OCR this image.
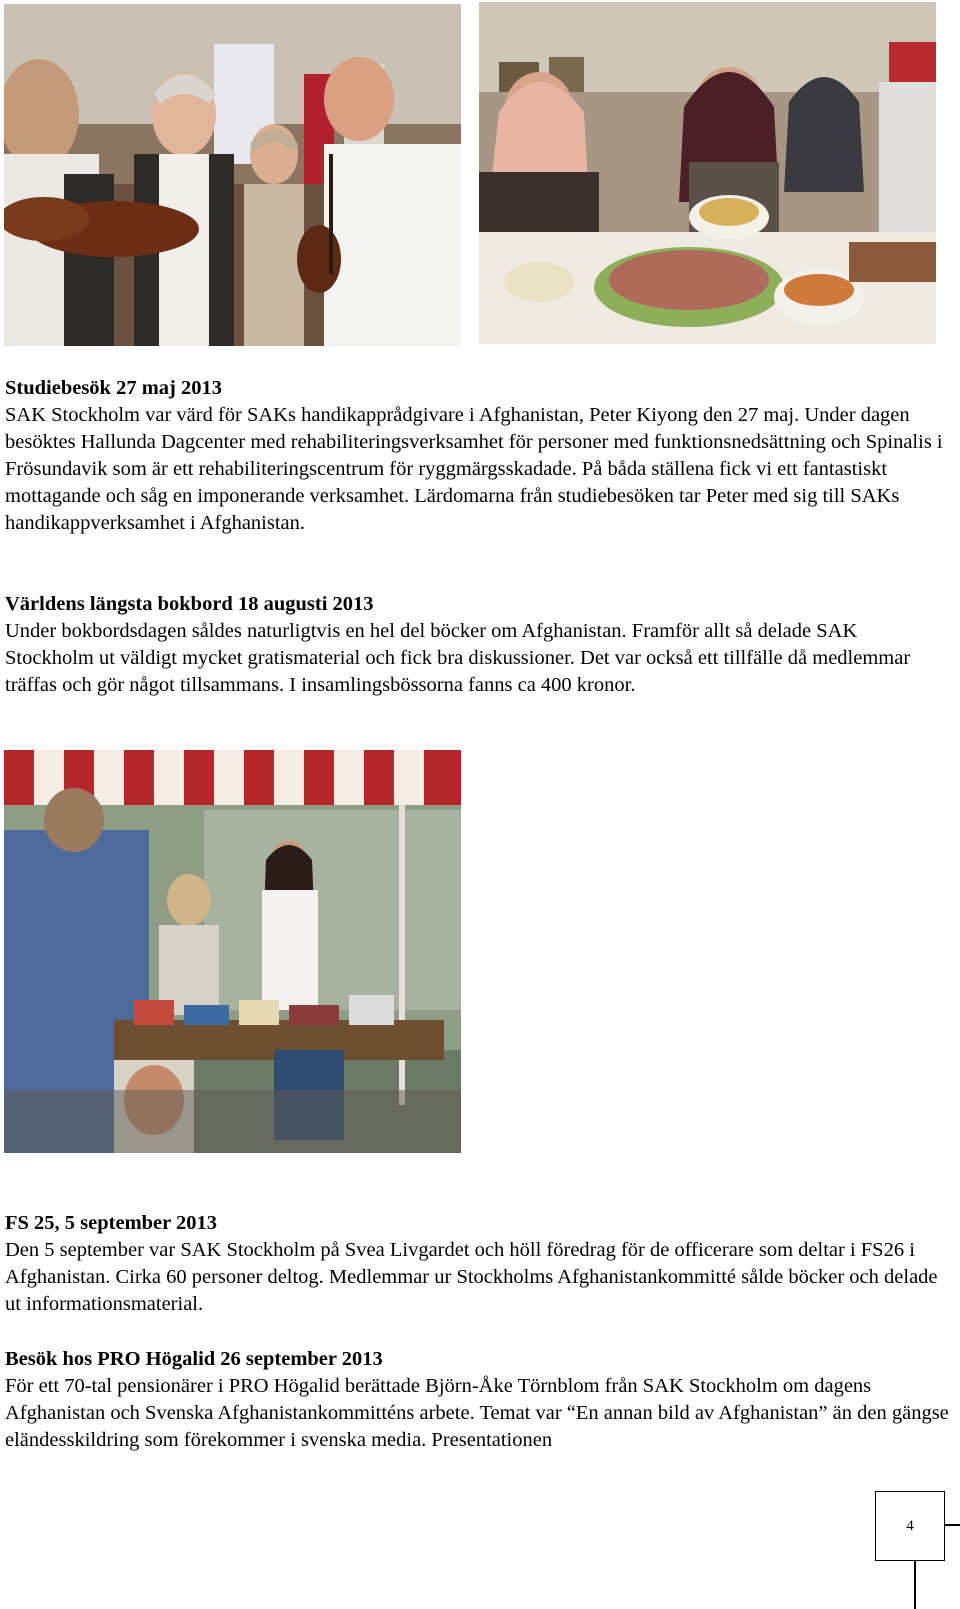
Studiebesök 27 maj 2013

SAK Stockholm var värd för SAKs handikapprådgivare i Afghanistan, Peter Kiyong den 27 maj. Under dagen besöktes Hallunda Dagcenter med rehabiliteringsverksamhet för personer med funktionsnedsättning och Spinalis i Frösundavik som är ett rehabiliteringscentrum för ryggmärgsskadade. På båda ställena fick vi ett fantastiskt mottagande och såg en imponerande verksamhet. Lärdomarna från studiebesöken tar Peter med sig till SAKs handikappverksamhet i Afghanistan.

Världens längsta bokbord 18 augusti 2013

Under bokbordsdagen såldes naturligtvis en hel del böcker om Afghanistan. Framför allt så delade SAK Stockholm ut väldigt mycket gratismaterial och fick bra diskussioner. Det var också ett tillfälle då medlemmar träffas och gör något tillsammans. I insamlingsbössorna fanns ca 400 kronor.

FS 25, 5 september 2013

Den 5 september var SAK Stockholm på Svea Livgardet och höll föredrag för de officerare som deltar i FS26 i Afghanistan. Cirka 60 personer deltog. Medlemmar ur Stockholms Afghanistankommitté sålde böcker och delade ut informationsmaterial.

Besök hos PRO Högalid 26 september 2013

För ett 70-tal pensionärer i PRO Högalid berättade Björn-Åke Törnblom från SAK Stockholm om dagens Afghanistan och Svenska Afghanistankommitténs arbete. Temat var “En annan bild av Afghanistan” än den gängse eländesskildring som förekommer i svenska media. Presentationen

4
